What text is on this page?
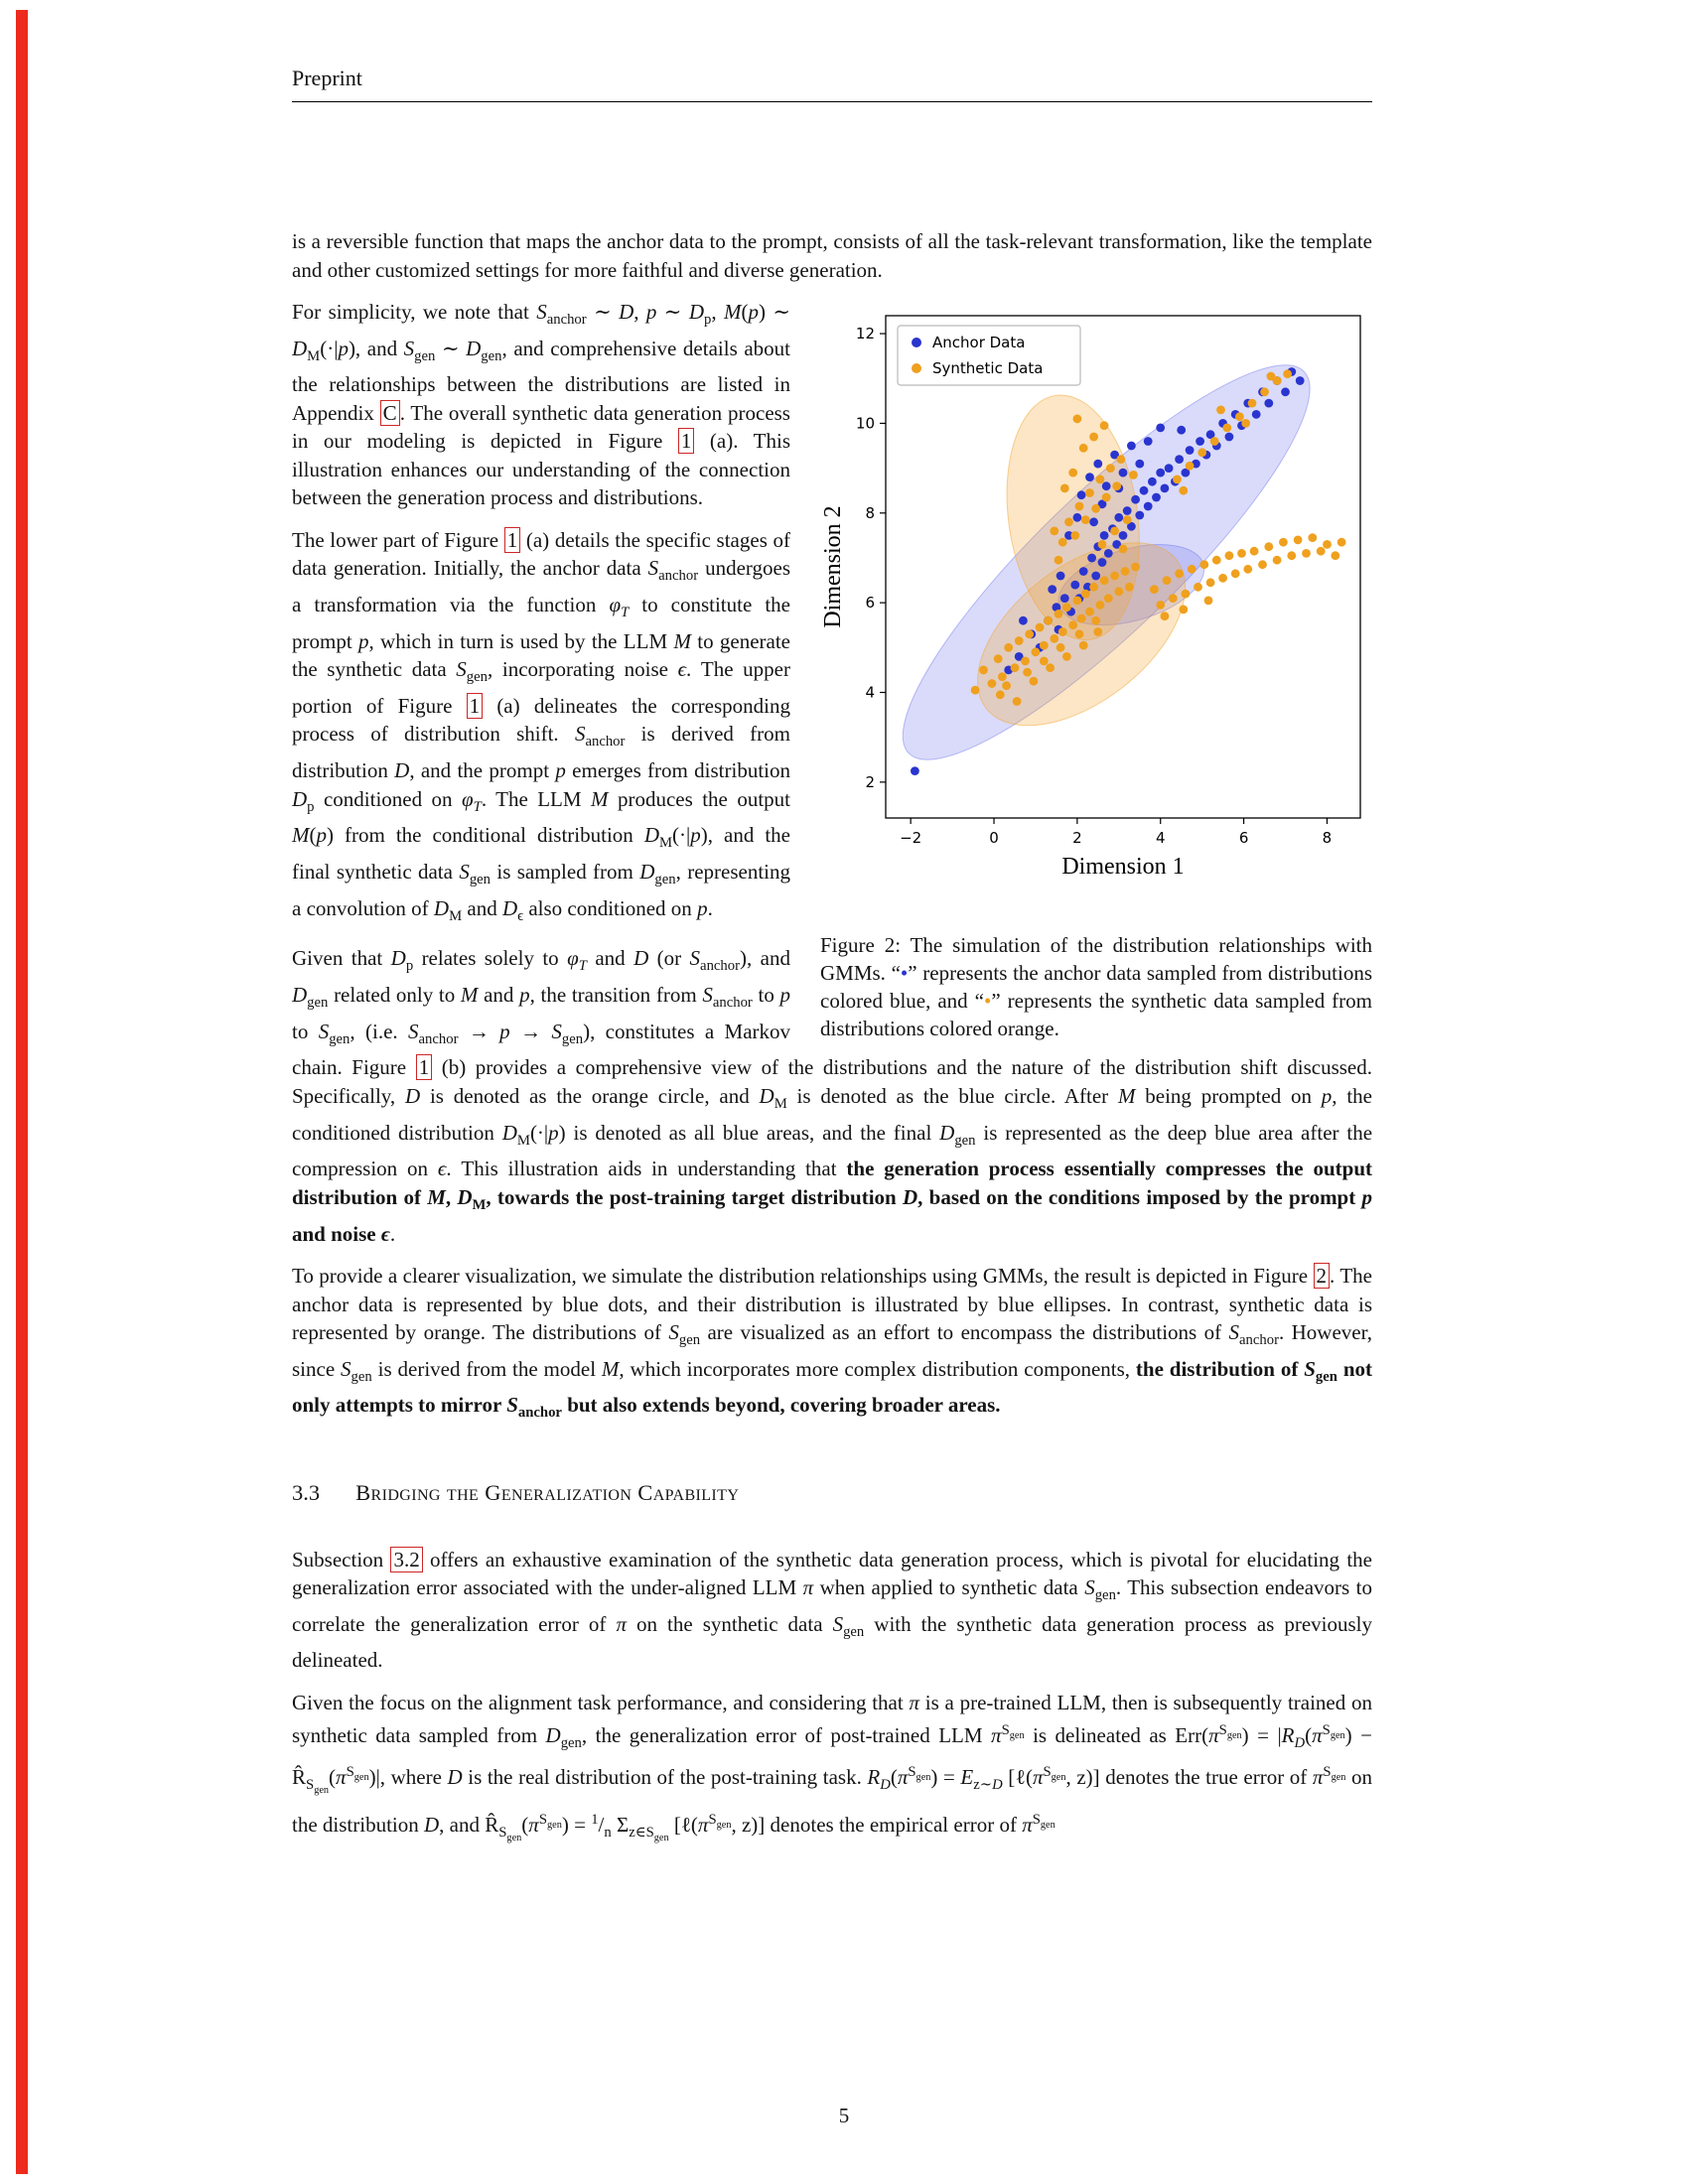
Preprint

is a reversible function that maps the anchor data to the prompt, consists of all the task-relevant transformation, like the template and other customized settings for more faithful and diverse generation.

−2	0	2	4	6	8
2
4
6
8
10
12
Dimension 1
Dimension 2
Anchor Data
Synthetic Data
Figure 2: The simulation of the distribution relationships with GMMs. “•” represents the anchor data sampled from distributions colored blue, and “•” represents the synthetic data sampled from distributions colored orange.

For simplicity, we note that $S_{anchor}$ ∼ D, p ∼ $D_p$, M(p) ∼ $D_M(\cdot|p)$, and $S_{gen}$ ∼ $D_{gen}$, and comprehensive details about the relationships between the distributions are listed in Appendix C . The overall synthetic data generation process in our modeling is depicted in Figure 1 (a). This illustration enhances our understanding of the connection between the generation process and distributions.

The lower part of Figure 1 (a) details the specific stages of data generation. Initially, the anchor data $S_{anchor}$ undergoes a transformation via the function $\varphi_T$ to constitute the prompt p, which in turn is used by the LLM M to generate the synthetic data $S_{gen}$, incorporating noise ϵ. The upper portion of Figure 1 (a) delineates the corresponding process of distribution shift. $S_{anchor}$ is derived from distribution D, and the prompt p emerges from distribution $D_p$ conditioned on $\varphi_T$. The LLM M produces the output M(p) from the conditional distribution $D_M(\cdot|p)$, and the final synthetic data $S_{gen}$ is sampled from $D_{gen}$, representing a convolution of $D_M$ and $D_\epsilon$ also conditioned on p.

Given that $D_p$ relates solely to $\varphi_T$ and D (or $S_{anchor}$), and $D_{gen}$ related only to M and p, the transition from $S_{anchor}$ to p to $S_{gen}$, (i.e. $S_{anchor} \to p \to S_{gen}$), constitutes a Markov chain. Figure 1 (b) provides a comprehensive view of the distributions and the nature of the distribution shift discussed. Specifically, D is denoted as the orange circle, and $D_M$ is denoted as the blue circle. After M being prompted on p, the conditioned distribution $D_M(\cdot|p)$ is denoted as all blue areas, and the final $D_{gen}$ is represented as the deep blue area after the compression on ϵ. This illustration aids in understanding that the generation process essentially compresses the output distribution of M, $D_M$, towards the post-training target distribution D, based on the conditions imposed by the prompt p and noise ϵ.

To provide a clearer visualization, we simulate the distribution relationships using GMMs, the result is depicted in Figure 2 . The anchor data is represented by blue dots, and their distribution is illustrated by blue ellipses. In contrast, synthetic data is represented by orange. The distributions of $S_{gen}$ are visualized as an effort to encompass the distributions of $S_{anchor}$. However, since $S_{gen}$ is derived from the model M, which incorporates more complex distribution components, the distribution of $S_{gen}$ not only attempts to mirror $S_{anchor}$ but also extends beyond, covering broader areas.

3.3 Bridging the Generalization Capability

Subsection 3.2 offers an exhaustive examination of the synthetic data generation process, which is pivotal for elucidating the generalization error associated with the under-aligned LLM π when applied to synthetic data $S_{gen}$. This subsection endeavors to correlate the generalization error of π on the synthetic data $S_{gen}$ with the synthetic data generation process as previously delineated.

Given the focus on the alignment task performance, and considering that π is a pre-trained LLM, then is subsequently trained on synthetic data sampled from $D_{gen}$, the generalization error of post-trained LLM $\pi^{S_{gen}}$ is delineated as $Err(\pi^{S_{gen}}) = |R_D(\pi^{S_{gen}})$ − $R̂_{S_{gen}}(\pi^{S_{gen}})|$, where D is the real distribution of the post-training task. $R_D(\pi^{S_{gen}}) = E_{z\sim D}$ [$\ell(\pi^{S_{gen}}$, z)] denotes the true error of $\pi^{S_{gen}}$ on the distribution D, and $R̂_{S_{gen}}(\pi^{S_{gen}}) = ^1/_n$ $\Sigma_{z\in S_{gen}}$ [$\ell(\pi^{S_{gen}}$, z)] denotes the empirical error of $\pi^{S_{gen}}$

5
